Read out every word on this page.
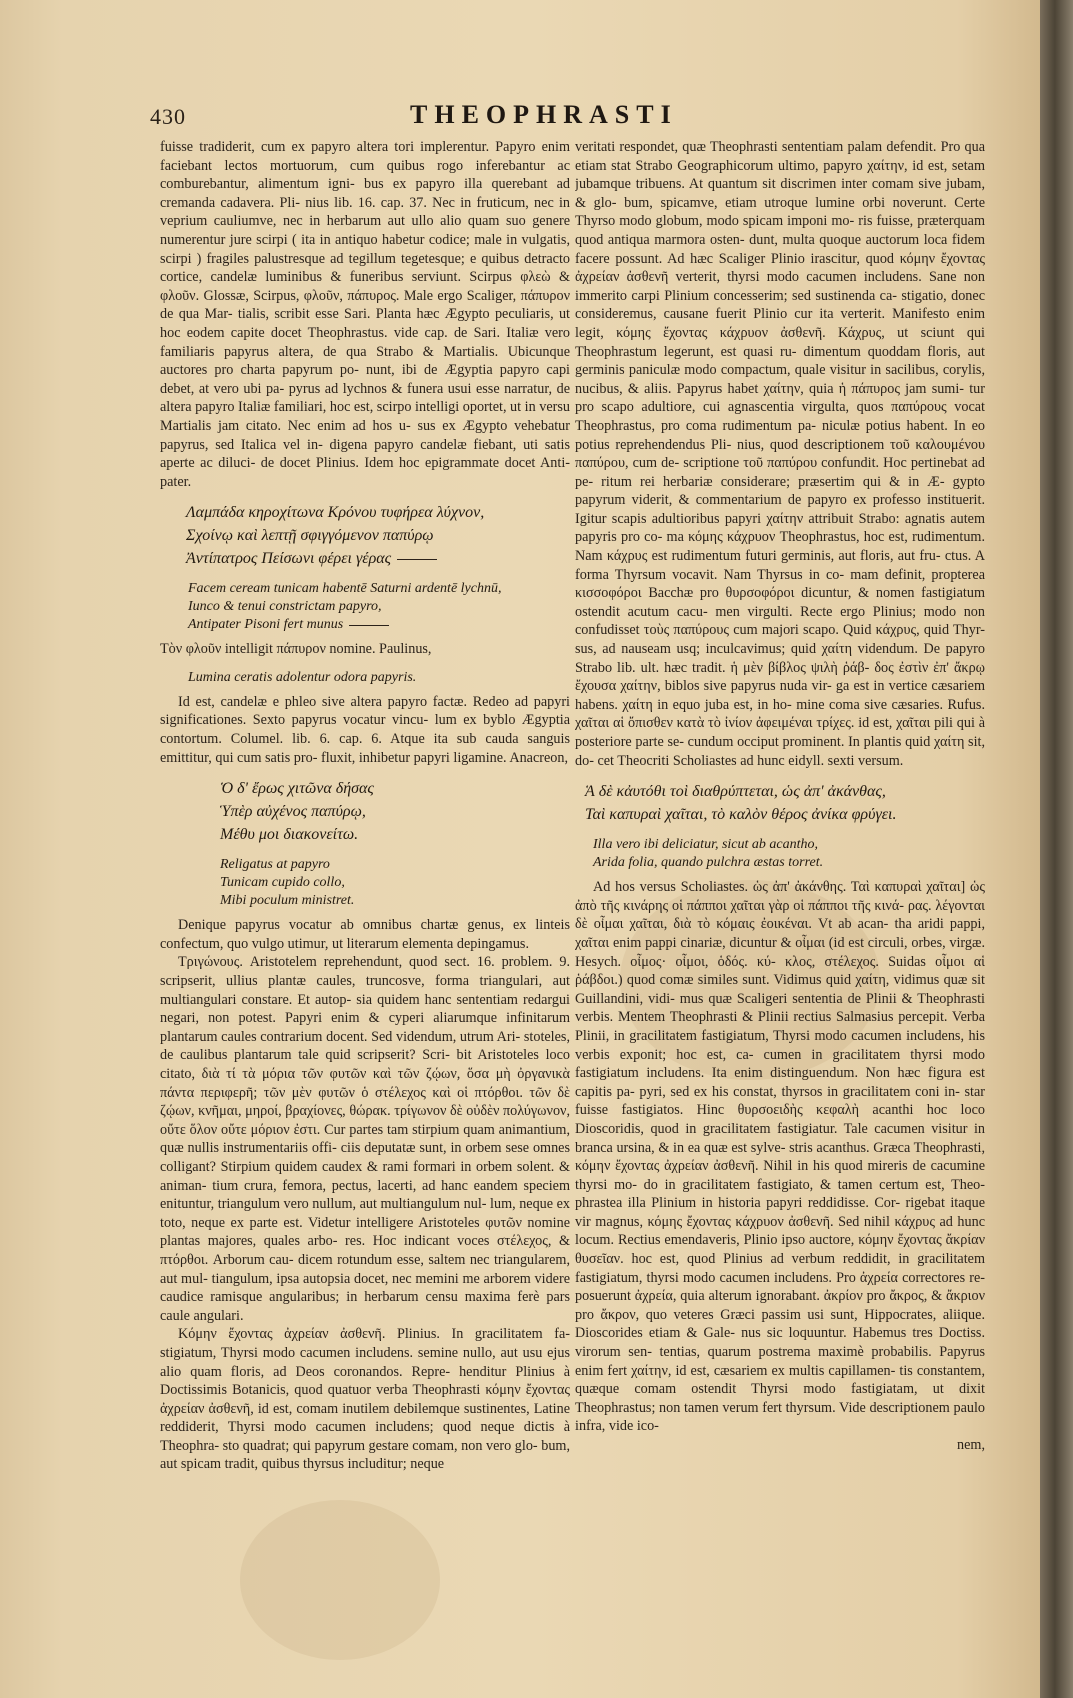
430	THEOPHRASTI

fuisse tradiderit, cum ex papyro altera tori implerentur. Papyro enim faciebant lectos mortuorum, cum quibus rogo inferebantur ac comburebantur, alimentum igni- bus ex papyro illa querebant ad cremanda cadavera. Pli- nius lib. 16. cap. 37. Nec in fruticum, nec in veprium cauliumve, nec in herbarum aut ullo alio quam suo genere numerentur jure scirpi ( ita in antiquo habetur codice; male in vulgatis, scirpi ) fragiles palustresque ad tegillum tegetesque; e quibus detracto cortice, candelæ luminibus & funeribus serviunt. Scirpus φλεὼ & φλοῦν. Glossæ, Scirpus, φλοῦν, πάπυρος. Male ergo Scaliger, πάπυρον de qua Mar- tialis, scribit esse Sari. Planta hæc Ægypto peculiaris, ut hoc eodem capite docet Theophrastus. vide cap. de Sari. Italiæ vero familiaris papyrus altera, de qua Strabo & Martialis. Ubicunque auctores pro charta papyrum po- nunt, ibi de Ægyptia papyro capi debet, at vero ubi pa- pyrus ad lychnos & funera usui esse narratur, de altera papyro Italiæ familiari, hoc est, scirpo intelligi oportet, ut in versu Martialis jam citato. Nec enim ad hos u- sus ex Ægypto vehebatur papyrus, sed Italica vel in- digena papyro candelæ fiebant, uti satis aperte ac diluci- de docet Plinius. Idem hoc epigrammate docet Anti- pater.

Λαμπάδα κηρoχίτωνα Κρόνου τυφήρεα λύχνον,
Σχοίνῳ καὶ λεπτῇ σφιγγόμενον παπύρῳ
Ἀντίπατρος Πείσωνι φέρει γέρας
Facem ceream tunicam habentē Saturni ardentē lychnū,
Iunco & tenui constrictam papyro,
Antipater Pisoni fert munus

Τὸν φλοῦν intelligit πάπυρον nomine. Paulinus,

Lumina ceratis adolentur odora papyris.

Id est, candelæ e phleo sive altera papyro factæ. Redeo ad papyri significationes. Sexto papyrus vocatur vincu- lum ex byblo Ægyptia contortum. Columel. lib. 6. cap. 6. Atque ita sub cauda sanguis emittitur, qui cum satis pro- fluxit, inhibetur papyri ligamine. Anacreon,

Ὁ δ' ἔρως χιτῶνα δήσας
Ὑπὲρ αὐχένος παπύρῳ,
Μέθυ μοι διακονείτω.
Religatus at papyro
Tunicam cupido collo,
Mibi poculum ministret.

Denique papyrus vocatur ab omnibus chartæ genus, ex linteis confectum, quo vulgo utimur, ut literarum elementa depingamus.

Τριγώνους. Aristotelem reprehendunt, quod sect. 16. problem. 9. scripserit, ullius plantæ caules, truncosve, forma triangulari, aut multiangulari constare. Et autop- sia quidem hanc sententiam redargui negari, non potest. Papyri enim & cyperi aliarumque infinitarum plantarum caules contrarium docent. Sed videndum, utrum Ari- stoteles, de caulibus plantarum tale quid scripserit? Scri- bit Aristoteles loco citato, διὰ τί τὰ μόρια τῶν φυτῶν καὶ τῶν ζῴων, ὅσα μὴ ὀργανικὰ πάντα περιφερῆ; τῶν μὲν φυτῶν ὁ στέλεχος καὶ οἱ πτόρθοι. τῶν δὲ ζῴων, κνῆμαι, μηροί, βραχίονες, θώρακ. τρίγωνον δὲ οὐδὲν πολύγωνον, οὔτε ὅλον οὔτε μόριον ἐστι. Cur partes tam stirpium quam animantium, quæ nullis instrumentariis offi- ciis deputatæ sunt, in orbem sese omnes colligant? Stirpium quidem caudex & rami formari in orbem solent. & animan- tium crura, femora, pectus, lacerti, ad hanc eandem speciem enituntur, triangulum vero nullum, aut multiangulum nul- lum, neque ex toto, neque ex parte est. Videtur intelligere Aristoteles φυτῶν nomine plantas majores, quales arbo- res. Hoc indicant voces στέλεχος, & πτόρθοι. Arborum cau- dicem rotundum esse, saltem nec triangularem, aut mul- tiangulum, ipsa autopsia docet, nec memini me arborem videre caudice ramisque angularibus; in herbarum censu maxima ferè pars caule angulari.

Κόμην ἔχοντας ἀχρείαν ἀσθενῆ. Plinius. In gracilitatem fa- stigiatum, Thyrsi modo cacumen includens. semine nullo, aut usu ejus alio quam floris, ad Deos coronandos. Repre- henditur Plinius à Doctissimis Botanicis, quod quatuor verba Theophrasti κόμην ἔχοντας ἀχρείαν ἀσθενῆ, id est, comam inutilem debilemque sustinentes, Latine reddiderit, Thyrsi modo cacumen includens; quod neque dictis à Theophra- sto quadrat; qui papyrum gestare comam, non vero glo- bum, aut spicam tradit, quibus thyrsus includitur; neque

veritati respondet, quæ Theophrasti sententiam palam defendit. Pro qua etiam stat Strabo Geographicorum ultimo, papyro χαίτην, id est, setam jubamque tribuens. At quantum sit discrimen inter comam sive jubam, & glo- bum, spicamve, etiam utroque lumine orbi noverunt. Certe Thyrso modo globum, modo spicam imponi mo- ris fuisse, præterquam quod antiqua marmora osten- dunt, multa quoque auctorum loca fidem facere possunt. Ad hæc Scaliger Plinio irascitur, quod κόμην ἔχοντας ἀχρείαν ἀσθενῆ verterit, thyrsi modo cacumen includens. Sane non immerito carpi Plinium concesserim; sed sustinenda ca- stigatio, donec consideremus, causane fuerit Plinio cur ita verterit. Manifesto enim legit, κόμης ἔχοντας κάχρυον ἀσθενῆ. Κάχρυς, ut sciunt qui Theophrastum legerunt, est quasi ru- dimentum quoddam floris, aut germinis paniculæ modo compactum, quale visitur in sacilibus, corylis, nucibus, & aliis. Papyrus habet χαίτην, quia ἡ πάπυρος jam sumi- tur pro scapo adultiore, cui agnascentia virgulta, quos παπύρους vocat Theophrastus, pro coma rudimentum pa- niculæ potius habent. In eo potius reprehendendus Pli- nius, quod descriptionem τοῦ καλουμένου παπύρου, cum de- scriptione τοῦ παπύρου confundit. Hoc pertinebat ad pe- ritum rei herbariæ considerare; præsertim qui & in Æ- gypto papyrum viderit, & commentarium de papyro ex professo instituerit. Igitur scapis adultioribus papyri χαίτην attribuit Strabo: agnatis autem papyris pro co- ma κόμης κάχρυον Theophrastus, hoc est, rudimentum. Nam κάχρυς est rudimentum futuri germinis, aut floris, aut fru- ctus. A forma Thyrsum vocavit. Nam Thyrsus in co- mam definit, propterea κισσοφόροι Bacchæ pro θυρσοφόροι dicuntur, & nomen fastigiatum ostendit acutum cacu- men virgulti. Recte ergo Plinius; modo non confudisset τοὺς παπύρους cum majori scapo. Quid κάχρυς, quid Thyr- sus, ad nauseam usq; inculcavimus; quid χαίτη videndum. De papyro Strabo lib. ult. hæc tradit. ἡ μὲν βίβλος ψιλὴ ῥάβ- δος ἐστὶν ἐπ' ἄκρῳ ἔχουσα χαίτην, biblos sive papyrus nuda vir- ga est in vertice cæsariem habens. χαίτη in equo juba est, in ho- mine coma sive cæsaries. Rufus. χαῖται αἱ ὄπισθεν κατὰ τὸ ἰνίον ἀφειμέναι τρίχες. id est, χαῖται pili qui à posteriore parte se- cundum occiput prominent. In plantis quid χαίτη sit, do- cet Theocriti Scholiastes ad hunc eidyll. sexti versum.

Ἁ δὲ κἀυτόθι τοὶ διαθρύπτεται, ὡς ἀπ' ἀκάνθας,
Ταὶ καπυραὶ χαῖται, τὸ καλὸν θέρος ἀνίκα φρύγει.
Illa vero ibi deliciatur, sicut ab acantho,
Arida folia, quando pulchra æstas torret.

Ad hos versus Scholiastes. ὡς ἀπ' ἀκάνθης. Ταὶ καπυραὶ χαῖται] ὡς ἀπὸ τῆς κινάρης οἱ πάπποι χαῖται γὰρ οἱ πάπποι τῆς κινά- ρας. λέγονται δὲ οἶμαι χαῖται, διὰ τὸ κόμαις ἐοικέναι. Vt ab acan- tha aridi pappi, χαῖται enim pappi cinariæ, dicuntur & οἶμαι (id est circuli, orbes, virgæ. Hesych. οἶμος· οἶμοι, ὁδός. κύ- κλος, στέλεχος. Suidas οἶμοι αἱ ῥάβδοι.) quod comæ similes sunt. Vidimus quid χαίτη, vidimus quæ sit Guillandini, vidi- mus quæ Scaligeri sententia de Plinii & Theophrasti verbis. Mentem Theophrasti & Plinii rectius Salmasius percepit. Verba Plinii, in gracilitatem fastigiatum, Thyrsi modo cacumen includens, his verbis exponit; hoc est, ca- cumen in gracilitatem thyrsi modo fastigiatum includens. Ita enim distinguendum. Non hæc figura est capitis pa- pyri, sed ex his constat, thyrsos in gracilitatem coni in- star fuisse fastigiatos. Hinc θυρσοειδὴς κεφαλὴ acanthi hoc loco Dioscoridis, quod in gracilitatem fastigiatur. Tale cacumen visitur in branca ursina, & in ea quæ est sylve- stris acanthus. Græca Theophrasti, κόμην ἔχοντας ἀχρείαν ἀσθενῆ. Nihil in his quod mireris de cacumine thyrsi mo- do in gracilitatem fastigiato, & tamen certum est, Theo- phrastea illa Plinium in historia papyri reddidisse. Cor- rigebat itaque vir magnus, κόμης ἔχοντας κάχρυον ἀσθενῆ. Sed nihil κάχρυς ad hunc locum. Rectius emendaveris, Plinio ipso auctore, κόμην ἔχοντας ἄκρίαν θυσεῖαν. hoc est, quod Plinius ad verbum reddidit, in gracilitatem fastigiatum, thyrsi modo cacumen includens. Pro ἀχρεία correctores re- posuerunt ἀχρεία, quia alterum ignorabant. ἀκρίον pro ἄκρος, & ἄκριον pro ἄκρον, quo veteres Græci passim usi sunt, Hippocrates, aliique. Dioscorides etiam & Gale- nus sic loquuntur. Habemus tres Doctiss. virorum sen- tentias, quarum postrema maximè probabilis. Papyrus enim fert χαίτην, id est, cæsariem ex multis capillamen- tis constantem, quæque comam ostendit Thyrsi modo fastigiatam, ut dixit Theophrastus; non tamen verum fert thyrsum. Vide descriptionem paulo infra, vide ico-

nem,
